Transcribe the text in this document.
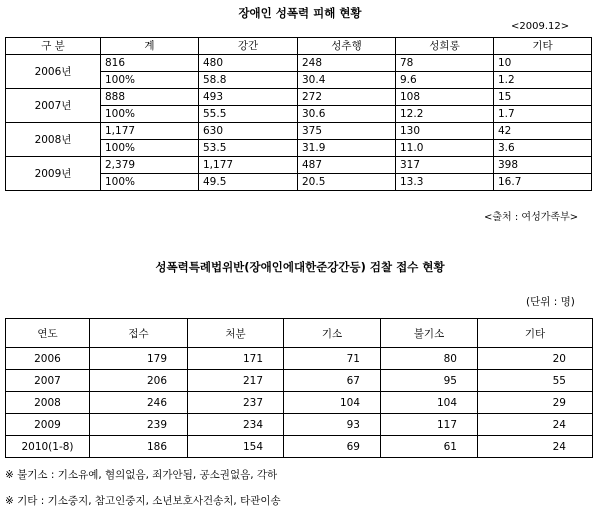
장애인 성폭력 피해 현황
<2009.12>
구 분	계	강간	성추행	성희롱	기타
2006년	816	480	248	78	10
	100%	58.8	30.4	9.6	1.2
2007년	888	493	272	108	15
	100%	55.5	30.6	12.2	1.7
2008년	1,177	630	375	130	42
	100%	53.5	31.9	11.0	3.6
2009년	2,379	1,177	487	317	398
	100%	49.5	20.5	13.3	16.7
<출처 : 여성가족부>
성폭력특례법위반(장애인에대한준강간등) 검찰 접수 현황
(단위 : 명)
연도	접수	처분	기소	불기소	기타
2006	179	171	71	80	20
2007	206	217	67	95	55
2008	246	237	104	104	29
2009	239	234	93	117	24
2010(1-8)	186	154	69	61	24
※ 불기소 : 기소유예, 혐의없음, 죄가안됨, 공소권없음, 각하
※ 기타 : 기소중지, 참고인중지, 소년보호사건송치, 타관이송
